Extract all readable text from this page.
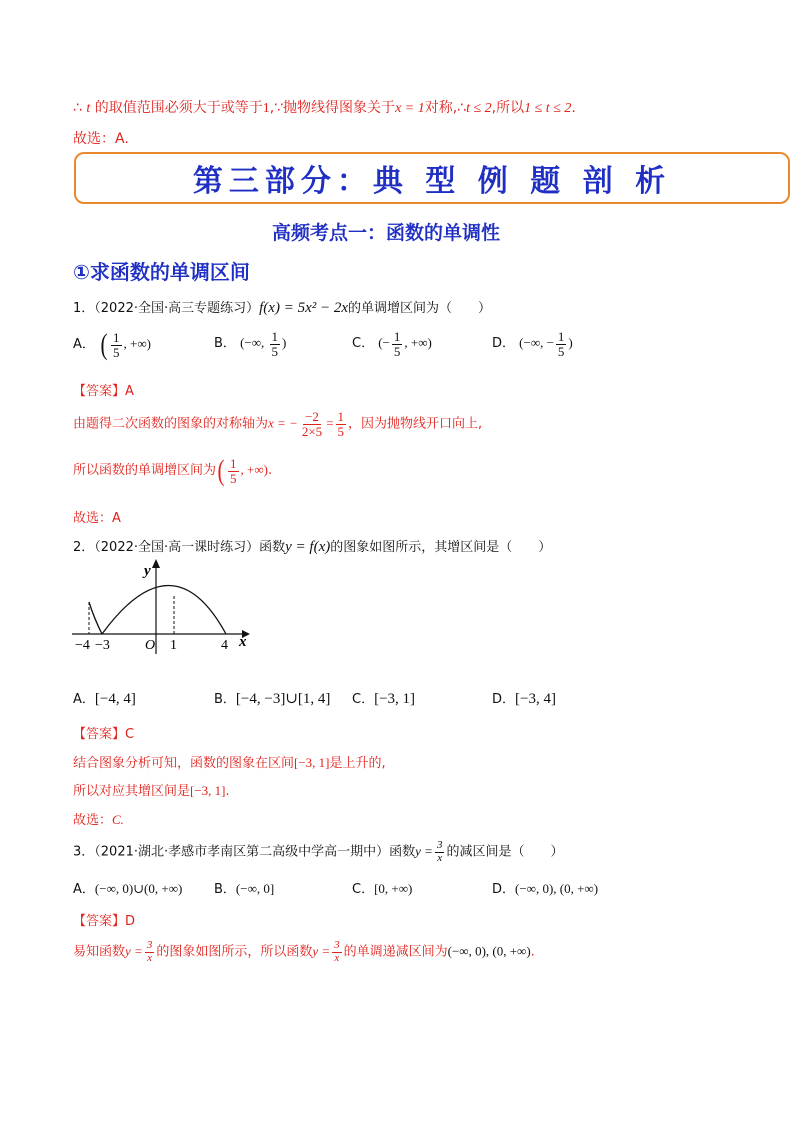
∴ t 的取值范围必须大于或等于1,∵抛物线得图象关于x = 1对称,∴t ≤ 2,所以1 ≤ t ≤ 2.
故选：A.
第三部分：典 型 例 题 剖 析
高频考点一：函数的单调性
①求函数的单调区间
1．（2022·全国·高三专题练习）f(x) = 5x² − 2x的单调增区间为（　　）
A． ( $\frac{1}{5}$ , +∞)	B． (−∞, $\frac{1}{5}$ )	C． (− $\frac{1}{5}$ , +∞)	D． (−∞, − $\frac{1}{5}$ )
【答案】A
由题得二次函数的图象的对称轴为x = − $\frac{-2}{2\times 5} = \frac{1}{5}$ ，因为抛物线开口向上,
所以函数的单调增区间为( $\frac{1}{5}$ , +∞).
故选：A
2．（2022·全国·高一课时练习）函数y = f(x)的图象如图所示，其增区间是（　　）
y
x
O
−4 −3	1	4
A．[−4, 4]	B．[−4, −3]∪[1, 4] C．[−3, 1]	D．[−3, 4]
【答案】C
结合图象分析可知，函数的图象在区间[−3, 1]是上升的,
所以对应其增区间是[−3, 1].
故选：C.
3．（2021·湖北·孝感市孝南区第二高级中学高一期中）函数$y = \frac{3}{x}$ 的减区间是（　　）
A．(−∞, 0)∪(0, +∞) B．(−∞, 0]	C．[0, +∞)	D．(−∞, 0), (0, +∞)
【答案】D
易知函数$y = \frac{3}{x}$ 的图象如图所示，所以函数$y = \frac{3}{x}$ 的单调递减区间为(−∞, 0), (0, +∞).
